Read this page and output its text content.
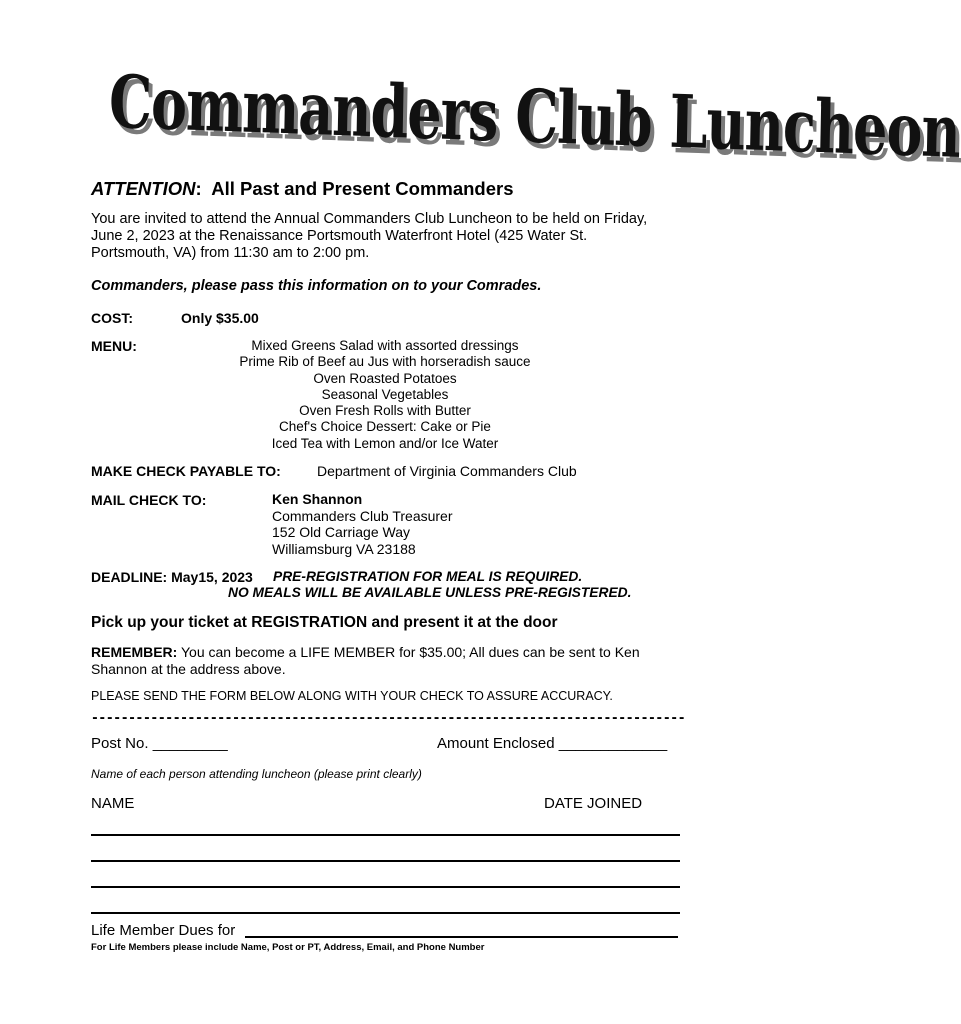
Commanders Club Luncheon
ATTENTION: All Past and Present Commanders
You are invited to attend the Annual Commanders Club Luncheon to be held on Friday,
June 2, 2023 at the Renaissance Portsmouth Waterfront Hotel (425 Water St.
Portsmouth, VA) from 11:30 am to 2:00 pm.
Commanders, please pass this information on to your Comrades.
COST:	Only $35.00
MENU:	Mixed Greens Salad with assorted dressings
Prime Rib of Beef au Jus with horseradish sauce
Oven Roasted Potatoes
Seasonal Vegetables
Oven Fresh Rolls with Butter
Chef's Choice Dessert: Cake or Pie
Iced Tea with Lemon and/or Ice Water
MAKE CHECK PAYABLE TO:	Department of Virginia Commanders Club
MAIL CHECK TO:	Ken Shannon
Commanders Club Treasurer
152 Old Carriage Way
Williamsburg VA 23188
DEADLINE: May15, 2023 PRE-REGISTRATION FOR MEAL IS REQUIRED.
NO MEALS WILL BE AVAILABLE UNLESS PRE-REGISTERED.
Pick up your ticket at REGISTRATION and present it at the door
REMEMBER: You can become a LIFE MEMBER for $35.00; All dues can be sent to Ken
Shannon at the address above.
PLEASE SEND THE FORM BELOW ALONG WITH YOUR CHECK TO ASSURE ACCURACY.
--------------------------------------------------------------------------------
Post No. _________	Amount Enclosed _____________
Name of each person attending luncheon (please print clearly)
NAME	DATE JOINED
Life Member Dues for
For Life Members please include Name, Post or PT, Address, Email, and Phone Number
